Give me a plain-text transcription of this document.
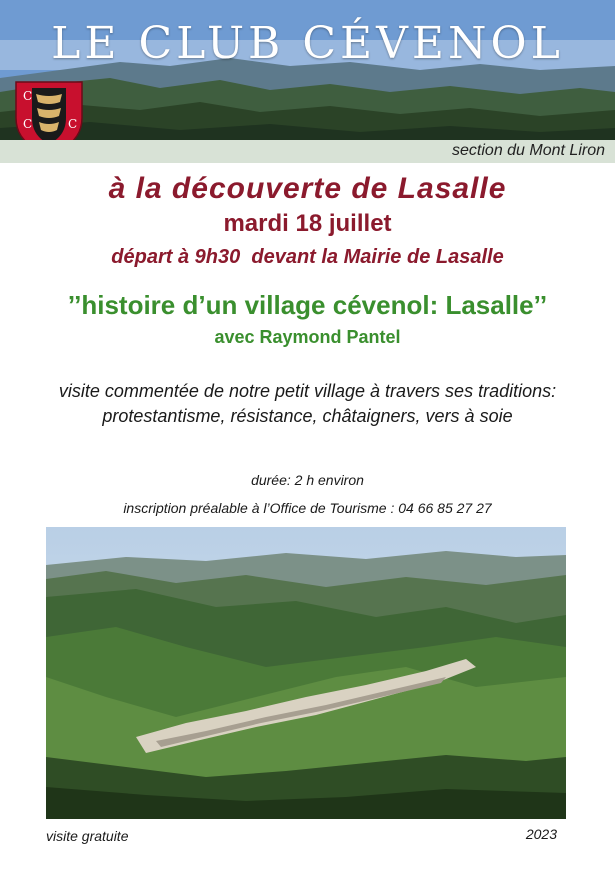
LE CLUB CÉVENOL
C
C	C
section du Mont Liron
à la découverte de Lasalle
mardi 18 juillet
départ à 9h30  devant la Mairie de Lasalle
’’histoire d’un village cévenol: Lasalle’’
avec Raymond Pantel
visite commentée de notre petit village à travers ses traditions: protestantisme, résistance, châtaigners, vers à soie
durée: 2 h environ
inscription préalable à l’Office de Tourisme : 04 66 85 27 27
visite gratuite	2023
